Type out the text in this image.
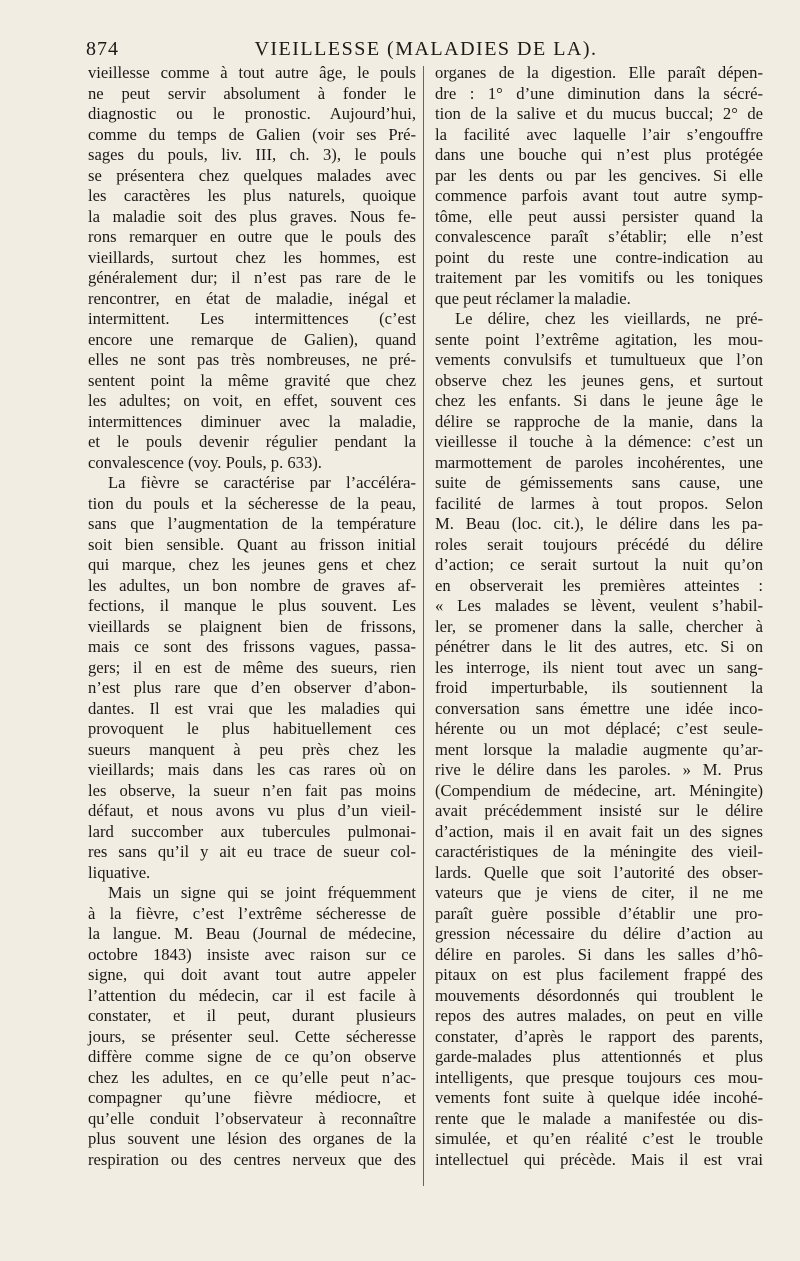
874	VIEILLESSE (MALADIES DE LA).
vieillesse comme à tout autre âge, le pouls
ne peut servir absolument à fonder le
diagnostic ou le pronostic. Aujourd’hui,
comme du temps de Galien (voir ses Pré-
sages du pouls, liv. III, ch. 3), le pouls
se présentera chez quelques malades avec
les caractères les plus naturels, quoique
la maladie soit des plus graves. Nous fe-
rons remarquer en outre que le pouls des
vieillards, surtout chez les hommes, est
généralement dur; il n’est pas rare de le
rencontrer, en état de maladie, inégal et
intermittent. Les intermittences (c’est
encore une remarque de Galien), quand
elles ne sont pas très nombreuses, ne pré-
sentent point la même gravité que chez
les adultes; on voit, en effet, souvent ces
intermittences diminuer avec la maladie,
et le pouls devenir régulier pendant la
convalescence (voy. Pouls, p. 633).
La fièvre se caractérise par l’accéléra-
tion du pouls et la sécheresse de la peau,
sans que l’augmentation de la température
soit bien sensible. Quant au frisson initial
qui marque, chez les jeunes gens et chez
les adultes, un bon nombre de graves af-
fections, il manque le plus souvent. Les
vieillards se plaignent bien de frissons,
mais ce sont des frissons vagues, passa-
gers; il en est de même des sueurs, rien
n’est plus rare que d’en observer d’abon-
dantes. Il est vrai que les maladies qui
provoquent le plus habituellement ces
sueurs manquent à peu près chez les
vieillards; mais dans les cas rares où on
les observe, la sueur n’en fait pas moins
défaut, et nous avons vu plus d’un vieil-
lard succomber aux tubercules pulmonai-
res sans qu’il y ait eu trace de sueur col-
liquative.
Mais un signe qui se joint fréquemment
à la fièvre, c’est l’extrême sécheresse de
la langue. M. Beau (Journal de médecine,
octobre 1843) insiste avec raison sur ce
signe, qui doit avant tout autre appeler
l’attention du médecin, car il est facile à
constater, et il peut, durant plusieurs
jours, se présenter seul. Cette sécheresse
diffère comme signe de ce qu’on observe
chez les adultes, en ce qu’elle peut n’ac-
compagner qu’une fièvre médiocre, et
qu’elle conduit l’observateur à reconnaître
plus souvent une lésion des organes de la
respiration ou des centres nerveux que des
organes de la digestion. Elle paraît dépen-
dre : 1° d’une diminution dans la sécré-
tion de la salive et du mucus buccal; 2° de
la facilité avec laquelle l’air s’engouffre
dans une bouche qui n’est plus protégée
par les dents ou par les gencives. Si elle
commence parfois avant tout autre symp-
tôme, elle peut aussi persister quand la
convalescence paraît s’établir; elle n’est
point du reste une contre-indication au
traitement par les vomitifs ou les toniques
que peut réclamer la maladie.
Le délire, chez les vieillards, ne pré-
sente point l’extrême agitation, les mou-
vements convulsifs et tumultueux que l’on
observe chez les jeunes gens, et surtout
chez les enfants. Si dans le jeune âge le
délire se rapproche de la manie, dans la
vieillesse il touche à la démence: c’est un
marmottement de paroles incohérentes, une
suite de gémissements sans cause, une
facilité de larmes à tout propos. Selon
M. Beau (loc. cit.), le délire dans les pa-
roles serait toujours précédé du délire
d’action; ce serait surtout la nuit qu’on
en observerait les premières atteintes :
« Les malades se lèvent, veulent s’habil-
ler, se promener dans la salle, chercher à
pénétrer dans le lit des autres, etc. Si on
les interroge, ils nient tout avec un sang-
froid imperturbable, ils soutiennent la
conversation sans émettre une idée inco-
hérente ou un mot déplacé; c’est seule-
ment lorsque la maladie augmente qu’ar-
rive le délire dans les paroles. » M. Prus
(Compendium de médecine, art. Méningite)
avait précédemment insisté sur le délire
d’action, mais il en avait fait un des signes
caractéristiques de la méningite des vieil-
lards. Quelle que soit l’autorité des obser-
vateurs que je viens de citer, il ne me
paraît guère possible d’établir une pro-
gression nécessaire du délire d’action au
délire en paroles. Si dans les salles d’hô-
pitaux on est plus facilement frappé des
mouvements désordonnés qui troublent le
repos des autres malades, on peut en ville
constater, d’après le rapport des parents,
garde-malades plus attentionnés et plus
intelligents, que presque toujours ces mou-
vements font suite à quelque idée incohé-
rente que le malade a manifestée ou dis-
simulée, et qu’en réalité c’est le trouble
intellectuel qui précède. Mais il est vrai
